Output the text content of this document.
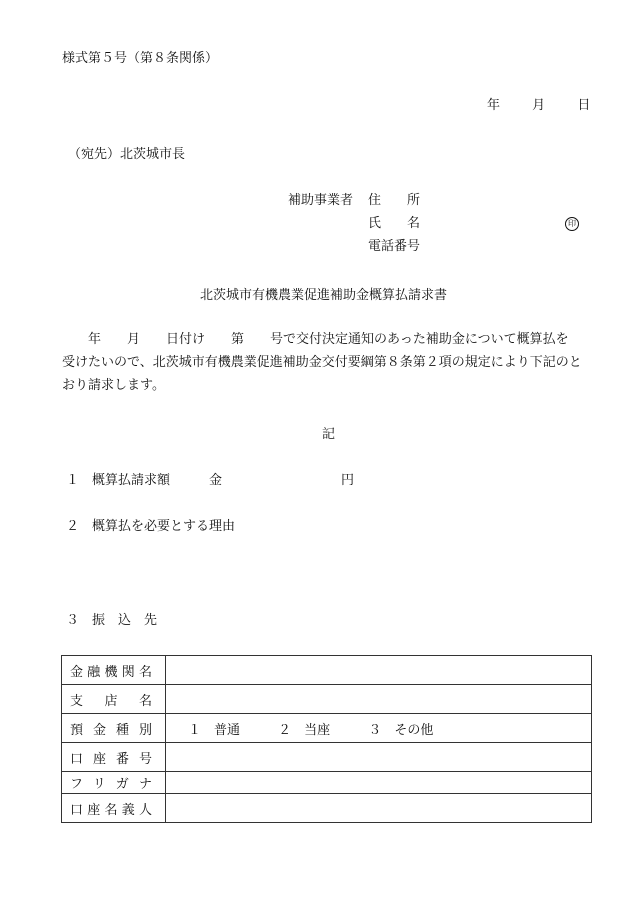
様式第５号（第８条関係）
年 月 日
（宛先）北茨城市長
補助事業者 住　　所
氏　　名	印
電話番号
北茨城市有機農業促進補助金概算払請求書
　　年　　月　　日付け　　第　　号で交付決定通知のあった補助金について概算払を
受けたいので、北茨城市有機農業促進補助金交付要綱第８条第２項の規定により下記のと
おり請求します。
記
１　概算払請求額	金	円
２　概算払を必要とする理由
３　振　込　先
金融機関名	

支店名	

預金種別	１　普通 ２　当座 ３　その他

口座番号	

フリガナ	

口座名義人	
